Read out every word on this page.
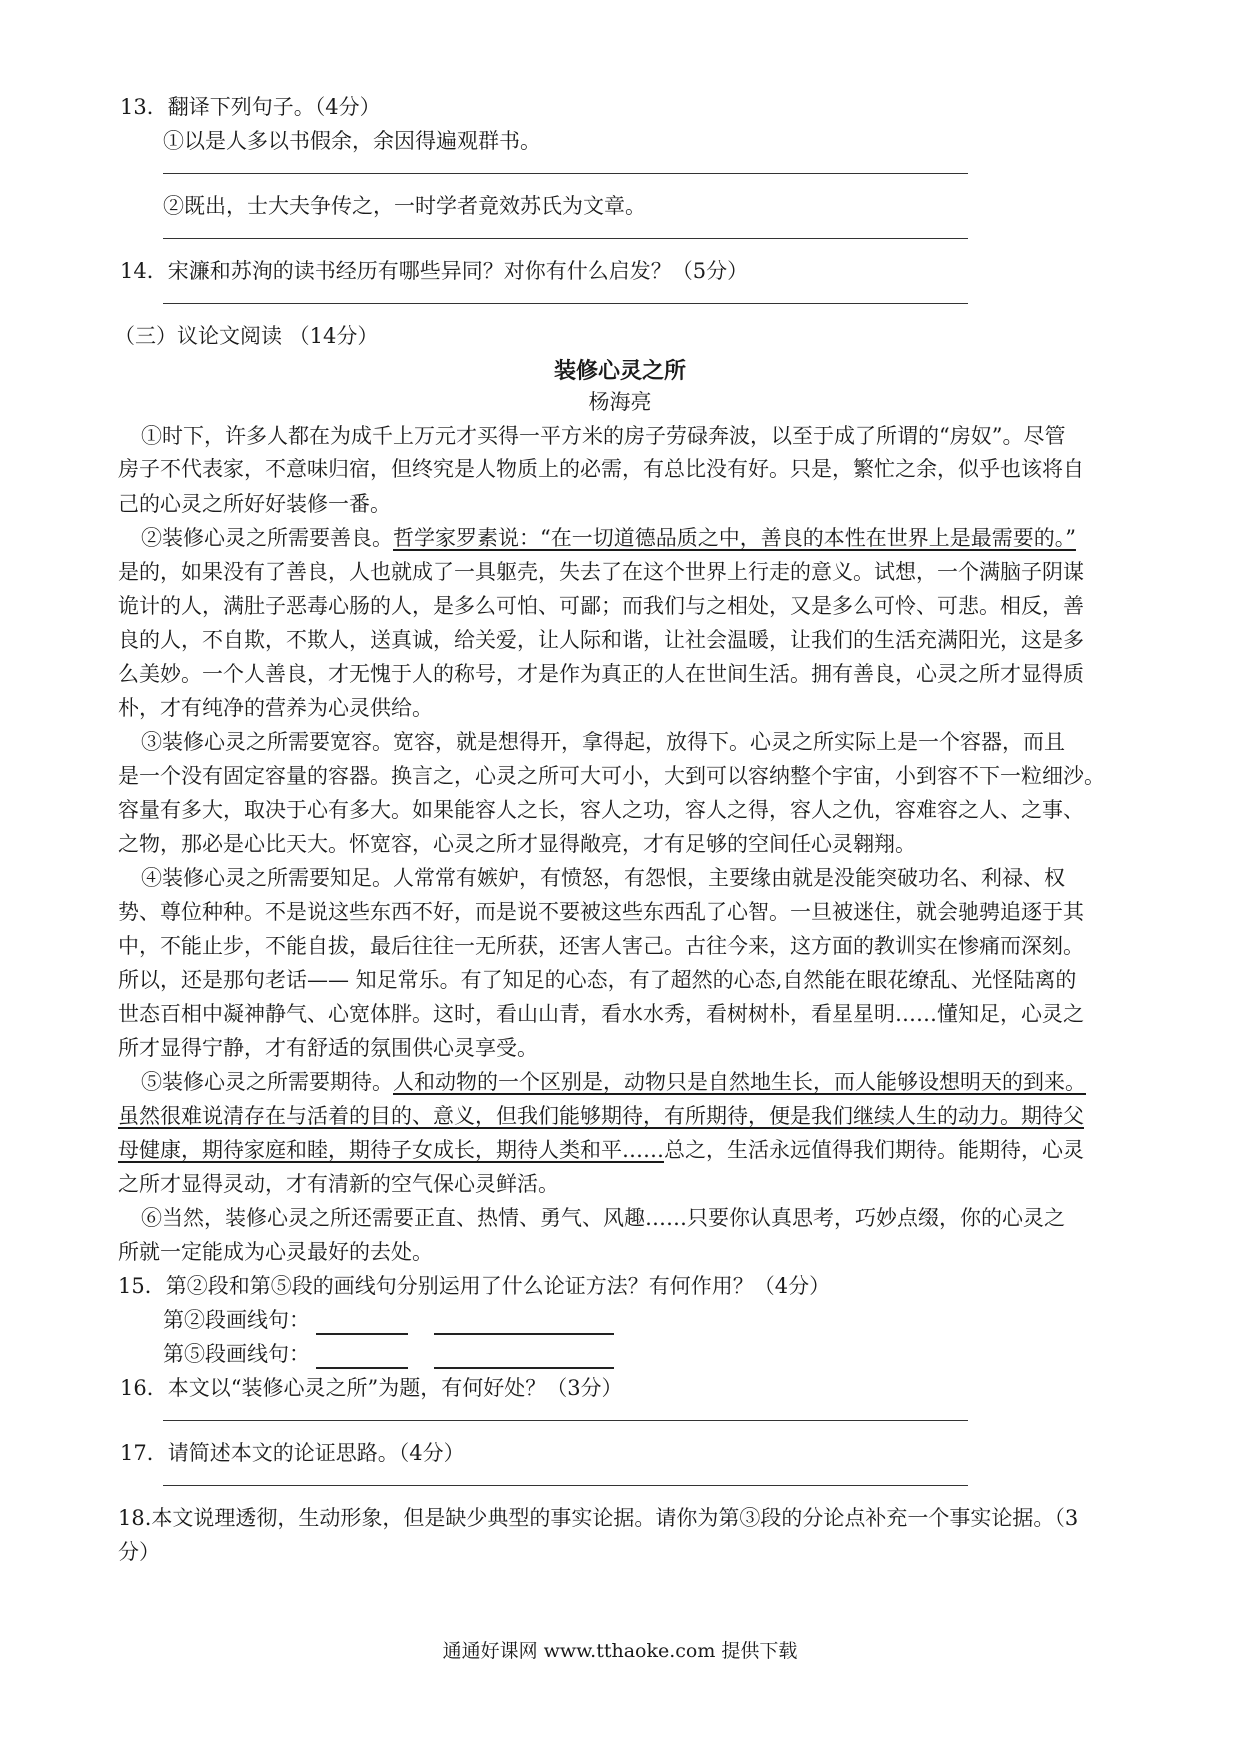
13．翻译下列句子。（4分）
①以是人多以书假余，余因得遍观群书。
②既出，士大夫争传之，一时学者竟效苏氏为文章。
14．宋濂和苏洵的读书经历有哪些异同？对你有什么启发？（5分）
（三）议论文阅读 （14分）
装修心灵之所
杨海亮
①时下，许多人都在为成千上万元才买得一平方米的房子劳碌奔波，以至于成了所谓的“房奴”。尽管
房子不代表家，不意味归宿，但终究是人物质上的必需，有总比没有好。只是，繁忙之余，似乎也该将自
己的心灵之所好好装修一番。
②装修心灵之所需要善良。哲学家罗素说：“在一切道德品质之中，善良的本性在世界上是最需要的。”
是的，如果没有了善良，人也就成了一具躯壳，失去了在这个世界上行走的意义。试想，一个满脑子阴谋
诡计的人，满肚子恶毒心肠的人，是多么可怕、可鄙；而我们与之相处，又是多么可怜、可悲。相反，善
良的人，不自欺，不欺人，送真诚，给关爱，让人际和谐，让社会温暖，让我们的生活充满阳光，这是多
么美妙。一个人善良，才无愧于人的称号，才是作为真正的人在世间生活。拥有善良，心灵之所才显得质
朴，才有纯净的营养为心灵供给。
③装修心灵之所需要宽容。宽容，就是想得开，拿得起，放得下。心灵之所实际上是一个容器，而且
是一个没有固定容量的容器。换言之，心灵之所可大可小，大到可以容纳整个宇宙，小到容不下一粒细沙。
容量有多大，取决于心有多大。如果能容人之长，容人之功，容人之得，容人之仇，容难容之人、之事、
之物，那必是心比天大。怀宽容，心灵之所才显得敞亮，才有足够的空间任心灵翱翔。
④装修心灵之所需要知足。人常常有嫉妒，有愤怒，有怨恨，主要缘由就是没能突破功名、利禄、权
势、尊位种种。不是说这些东西不好，而是说不要被这些东西乱了心智。一旦被迷住，就会驰骋追逐于其
中，不能止步，不能自拔，最后往往一无所获，还害人害己。古往今来，这方面的教训实在惨痛而深刻。
所以，还是那句老话—— 知足常乐。有了知足的心态，有了超然的心态,自然能在眼花缭乱、光怪陆离的
世态百相中凝神静气、心宽体胖。这时，看山山青，看水水秀，看树树朴，看星星明……懂知足，心灵之
所才显得宁静，才有舒适的氛围供心灵享受。
⑤装修心灵之所需要期待。人和动物的一个区别是，动物只是自然地生长，而人能够设想明天的到来。
虽然很难说清存在与活着的目的、意义，但我们能够期待，有所期待，便是我们继续人生的动力。期待父
母健康，期待家庭和睦，期待子女成长，期待人类和平……总之，生活永远值得我们期待。能期待，心灵
之所才显得灵动，才有清新的空气保心灵鲜活。
⑥当然，装修心灵之所还需要正直、热情、勇气、风趣……只要你认真思考，巧妙点缀，你的心灵之
所就一定能成为心灵最好的去处。
15．第②段和第⑤段的画线句分别运用了什么论证方法？有何作用？（4分）
第②段画线句：
第⑤段画线句：
16．本文以“装修心灵之所”为题，有何好处？（3分）
17．请简述本文的论证思路。（4分）
18.本文说理透彻，生动形象，但是缺少典型的事实论据。请你为第③段的分论点补充一个事实论据。（3
分）
通通好课网 www.tthaoke.com 提供下载
